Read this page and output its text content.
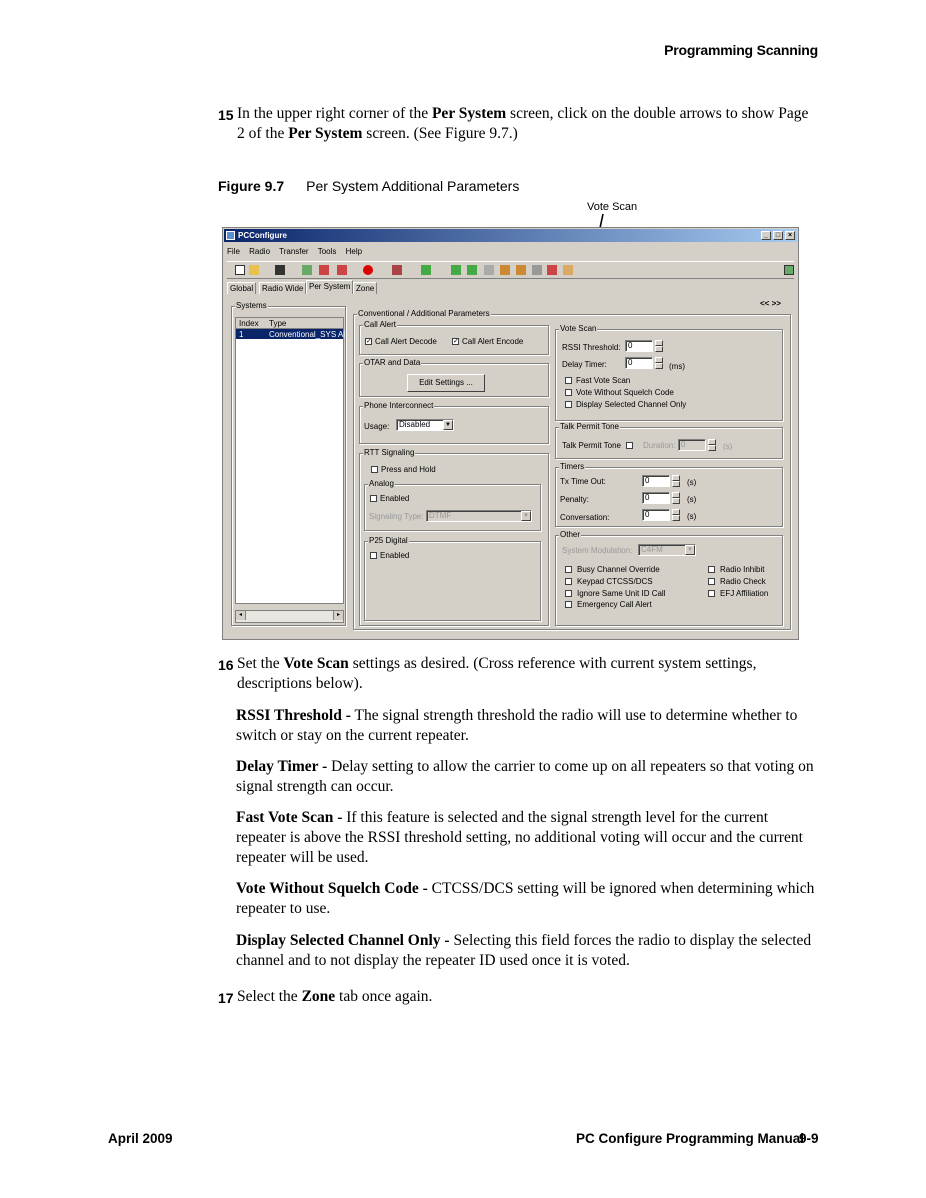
Programming Scanning
15 In the upper right corner of the Per System screen, click on the double arrows to show Page 2 of the Per System screen. (See Figure 9.7.)
Figure 9.7 Per System Additional Parameters
Vote Scan
PCConfigure	_	□	×
File Radio Transfer Tools Help
Global	Radio Wide Per System Zone
<< >>
Systems
Index Type
1	Conventional_SYS Al
◂	▸
Conventional / Additional Parameters
Call Alert
✓ Call Alert Decode ✓ Call Alert Encode
OTAR and Data
Edit Settings ...
Phone Interconnect
Usage:	Disabled	▼
RTT Signaling
Press and Hold
Analog
Enabled
Signaling Type: DTMF	▼
P25 Digital
Enabled
Vote Scan
RSSI Threshold: 0
Delay Timer:	0	(ms)
Fast Vote Scan
Vote Without Squelch Code
Display Selected Channel Only
Talk Permit Tone
Talk Permit Tone	Duration: 0	(s)
Timers
Tx Time Out:	0	(s)
Penalty:	0	(s)
Conversation:	0	(s)
Other
System Modulation:	C4FM	▼
Busy Channel Override
Keypad CTCSS/DCS
Ignore Same Unit ID Call
Emergency Call Alert
Radio Inhibit
Radio Check
EFJ Affiliation
16 Set the Vote Scan settings as desired. (Cross reference with current system settings, descriptions below).
RSSI Threshold - The signal strength threshold the radio will use to determine whether to switch or stay on the current repeater.
Delay Timer - Delay setting to allow the carrier to come up on all repeaters so that voting on signal strength can occur.
Fast Vote Scan - If this feature is selected and the signal strength level for the current repeater is above the RSSI threshold setting, no additional voting will occur and the current repeater will be used.
Vote Without Squelch Code - CTCSS/DCS setting will be ignored when determining which repeater to use.
Display Selected Channel Only - Selecting this field forces the radio to display the selected channel and to not display the repeater ID used once it is voted.
17 Select the Zone tab once again.
April 2009	PC Configure Programming Manual
9-9
